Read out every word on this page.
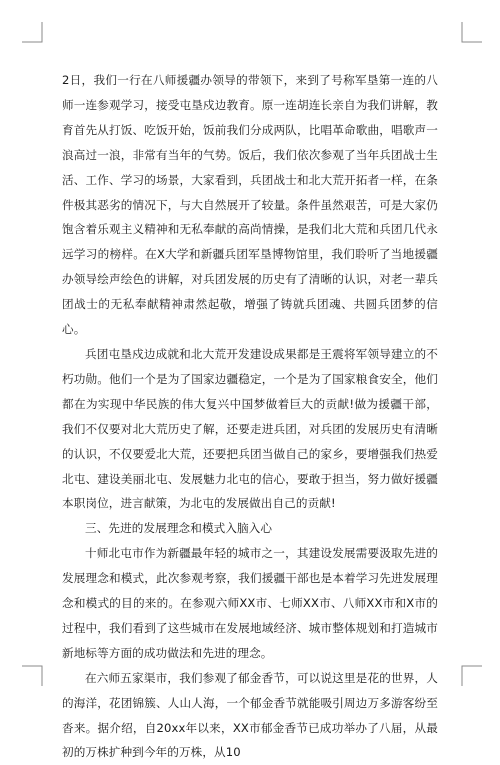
2日，我们一行在八师援疆办领导的带领下，来到了号称军垦第一连的八师一连参观学习，接受屯垦戍边教育。原一连胡连长亲自为我们讲解，教育首先从打饭、吃饭开始，饭前我们分成两队，比唱革命歌曲，唱歌声一浪高过一浪，非常有当年的气势。饭后，我们依次参观了当年兵团战士生活、工作、学习的场景，大家看到，兵团战士和北大荒开拓者一样，在条件极其恶劣的情况下，与大自然展开了较量。条件虽然艰苦，可是大家仍饱含着乐观主义精神和无私奉献的高尚情操，是我们北大荒和兵团几代永远学习的榜样。在X大学和新疆兵团军垦博物馆里，我们聆听了当地援疆办领导绘声绘色的讲解，对兵团发展的历史有了清晰的认识，对老一辈兵团战士的无私奉献精神肃然起敬，增强了铸就兵团魂、共圆兵团梦的信心。

兵团屯垦戍边成就和北大荒开发建设成果都是王震将军领导建立的不朽功勋。他们一个是为了国家边疆稳定，一个是为了国家粮食安全，他们都在为实现中华民族的伟大复兴中国梦做着巨大的贡献!做为援疆干部，我们不仅要对北大荒历史了解，还要走进兵团，对兵团的发展历史有清晰的认识，不仅要爱北大荒，还要把兵团当做自己的家乡，要增强我们热爱北屯、建设美丽北屯、发展魅力北屯的信心，要敢于担当，努力做好援疆本职岗位，进言献策，为北屯的发展做出自己的贡献!

三、先进的发展理念和模式入脑入心

十师北屯市作为新疆最年轻的城市之一，其建设发展需要汲取先进的发展理念和模式，此次参观考察，我们援疆干部也是本着学习先进发展理念和模式的目的来的。在参观六师XX市、七师XX市、八师XX市和X市的过程中，我们看到了这些城市在发展地域经济、城市整体规划和打造城市新地标等方面的成功做法和先进的理念。

在六师五家渠市，我们参观了郁金香节，可以说这里是花的世界，人的海洋，花团锦簇、人山人海，一个郁金香节就能吸引周边万多游客纷至沓来。据介绍，自20xx年以来，XX市郁金香节已成功举办了八届，从最初的万株扩种到今年的万株，从10
